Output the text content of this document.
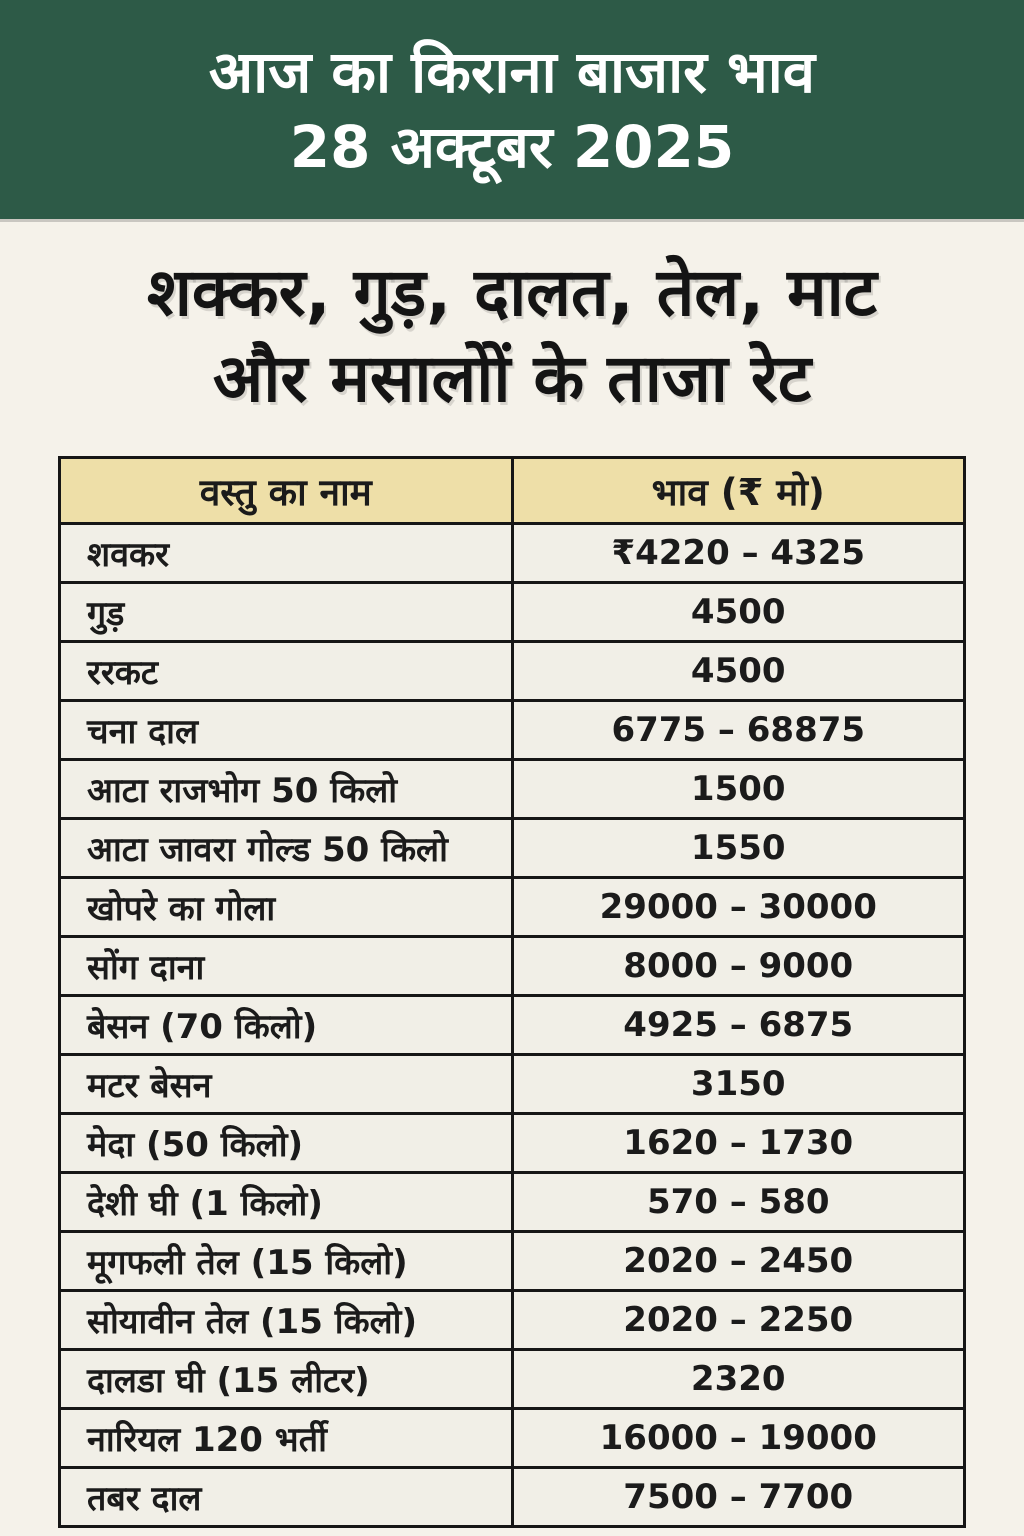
आज का किराना बाजार भाव
28 अक्टूबर 2025
शक्कर, गुड़, दालत, तेल, माट
और मसालोों के ताजा रेट
वस्तु का नाम	भाव (₹ मो)
शवकर	₹4220 – 4325
गुड़	4500
ररकट	4500
चना दाल	6775 – 68875
आटा राजभोग 50 किलो	1500
आटा जावरा गोल्ड 50 किलो	1550
खोपरे का गोला	29000 – 30000
सोंग दाना	8000 – 9000
बेसन (70 किलो)	4925 – 6875
मटर बेसन	3150
मेदा (50 किलो)	1620 – 1730
देशी घी (1 किलो)	570 – 580
मूगफली तेल (15 किलो)	2020 – 2450
सोयावीन तेल (15 किलो)	2020 – 2250
दालडा घी (15 लीटर)	2320
नारियल 120 भर्ती	16000 – 19000
तबर दाल	7500 – 7700
